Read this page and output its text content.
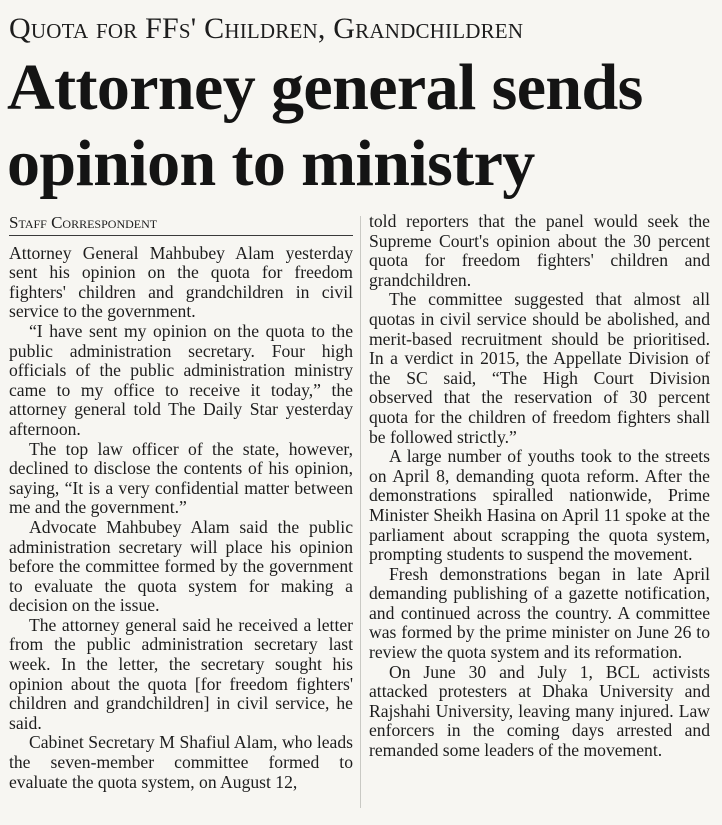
Quota for FFs' Children, Grandchildren
Attorney general sends
opinion to ministry
Staff Correspondent

Attorney General Mahbubey Alam yesterday sent his opinion on the quota for freedom fighters' children and grandchildren in civil service to the government.

“I have sent my opinion on the quota to the public administration secretary. Four high officials of the public administration ministry came to my office to receive it today,” the attorney general told The Daily Star yesterday afternoon.

The top law officer of the state, however, declined to disclose the contents of his opinion, saying, “It is a very confidential matter between me and the government.”

Advocate Mahbubey Alam said the public administration secretary will place his opinion before the committee formed by the government to evaluate the quota system for making a decision on the issue.

The attorney general said he received a letter from the public administration secretary last week. In the letter, the secretary sought his opinion about the quota [for freedom fighters' children and grandchildren] in civil service, he said.

Cabinet Secretary M Shafiul Alam, who leads the seven-member committee formed to evaluate the quota system, on August 12,

told reporters that the panel would seek the Supreme Court's opinion about the 30 percent quota for freedom fighters' children and grandchildren.

The committee suggested that almost all quotas in civil service should be abolished, and merit-based recruitment should be prioritised. In a verdict in 2015, the Appellate Division of the SC said, “The High Court Division observed that the reservation of 30 percent quota for the children of freedom fighters shall be followed strictly.”

A large number of youths took to the streets on April 8, demanding quota reform. After the demonstrations spiralled nationwide, Prime Minister Sheikh Hasina on April 11 spoke at the parliament about scrapping the quota system, prompting students to suspend the movement.

Fresh demonstrations began in late April demanding publishing of a gazette notification, and continued across the country. A committee was formed by the prime minister on June 26 to review the quota system and its reformation.

On June 30 and July 1, BCL activists attacked protesters at Dhaka University and Rajshahi University, leaving many injured. Law enforcers in the coming days arrested and remanded some leaders of the movement.
